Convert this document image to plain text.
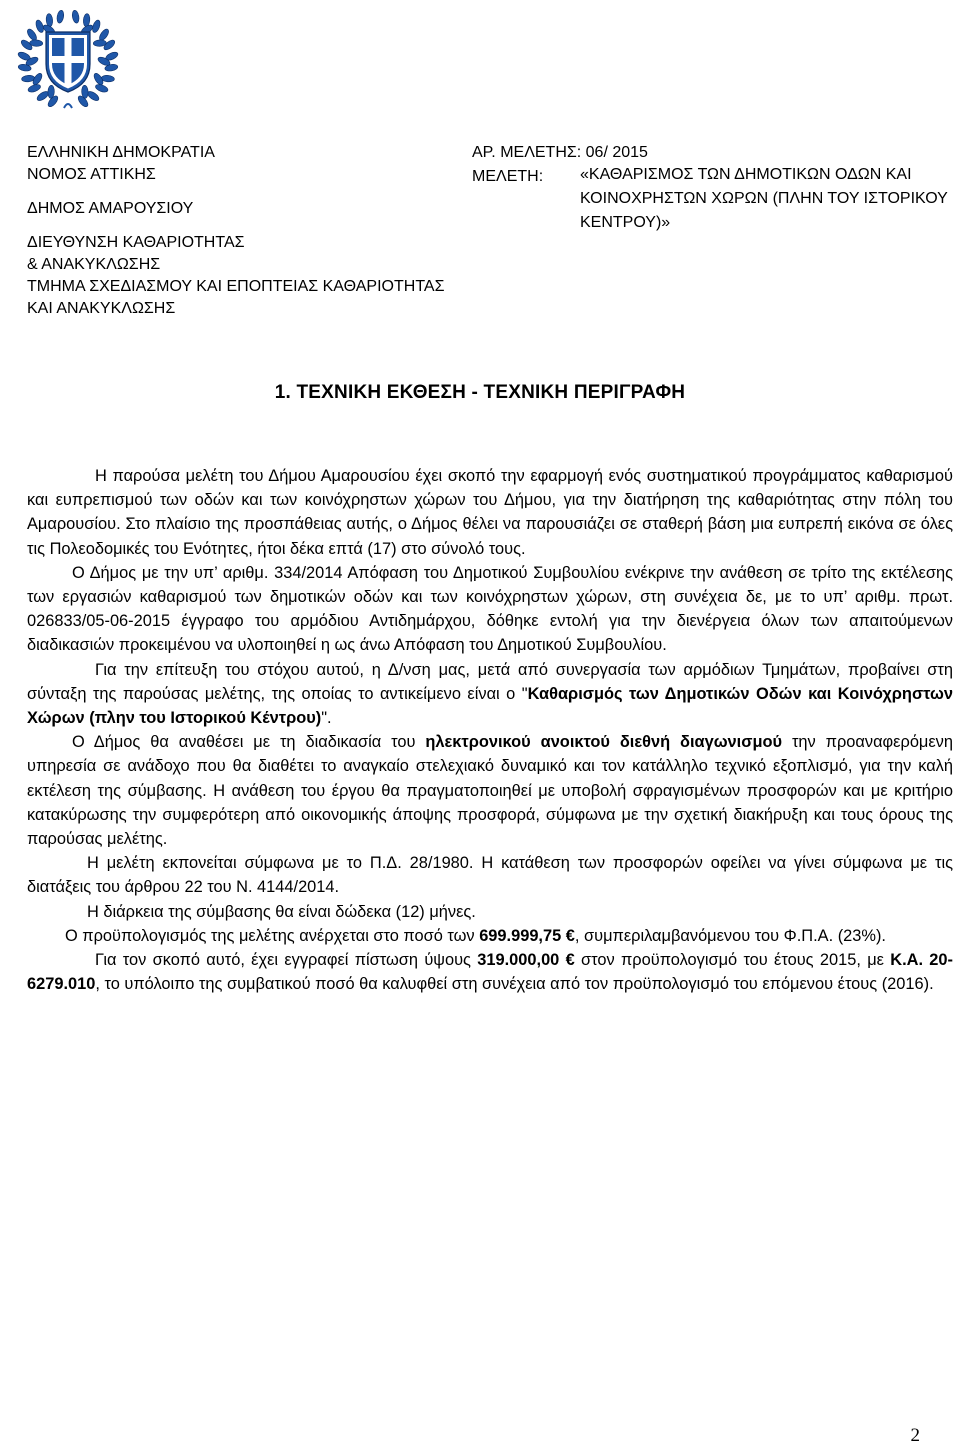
ΕΛΛΗΝΙΚΗ ΔΗΜΟΚΡΑΤΙΑ
ΝΟΜΟΣ ΑΤΤΙΚΗΣ
ΔΗΜΟΣ ΑΜΑΡΟΥΣΙΟΥ
ΔΙΕΥΘΥΝΣΗ ΚΑΘΑΡΙΟΤΗΤΑΣ
& ΑΝΑΚΥΚΛΩΣΗΣ
ΤΜΗΜΑ ΣΧΕΔΙΑΣΜΟΥ ΚΑΙ ΕΠΟΠΤΕΙΑΣ ΚΑΘΑΡΙΟΤΗΤΑΣ
ΚΑΙ ΑΝΑΚΥΚΛΩΣΗΣ
ΑΡ. ΜΕΛΕΤΗΣ: 06/ 2015
ΜΕΛΕΤΗ: «ΚΑΘΑΡΙΣΜΟΣ ΤΩΝ ΔΗΜΟΤΙΚΩΝ ΟΔΩΝ ΚΑΙ
ΚΟΙΝΟΧΡΗΣΤΩΝ ΧΩΡΩΝ (ΠΛΗΝ ΤΟΥ ΙΣΤΟΡΙΚΟΥ
ΚΕΝΤΡΟΥ)»
1. ΤΕΧΝΙΚΗ ΕΚΘΕΣΗ - ΤΕΧΝΙΚΗ ΠΕΡΙΓΡΑΦΗ

Η παρούσα μελέτη του Δήμου Αμαρουσίου έχει σκοπό την εφαρμογή ενός συστηματικού προγράμματος καθαρισμού και ευπρεπισμού των οδών και των κοινόχρηστων χώρων του Δήμου, για την διατήρηση της καθαριότητας στην πόλη του Αμαρουσίου. Στο πλαίσιο της προσπάθειας αυτής, ο Δήμος θέλει να παρουσιάζει σε σταθερή βάση μια ευπρεπή εικόνα σε όλες τις Πολεοδομικές του Ενότητες, ήτοι δέκα επτά (17) στο σύνολό τους.

Ο Δήμος με την υπ’ αριθμ. 334/2014 Απόφαση του Δημοτικού Συμβουλίου ενέκρινε την ανάθεση σε τρίτο της εκτέλεσης των εργασιών καθαρισμού των δημοτικών οδών και των κοινόχρηστων χώρων, στη συνέχεια δε, με το υπ’ αριθμ. πρωτ. 026833/05-06-2015 έγγραφο του αρμόδιου Αντιδημάρχου, δόθηκε εντολή για την διενέργεια όλων των απαιτούμενων διαδικασιών προκειμένου να υλοποιηθεί η ως άνω Απόφαση του Δημοτικού Συμβουλίου.

Για την επίτευξη του στόχου αυτού, η Δ/νση μας, μετά από συνεργασία των αρμόδιων Τμημάτων, προβαίνει στη σύνταξη της παρούσας μελέτης, της οποίας το αντικείμενο είναι ο "Καθαρισμός των Δημοτικών Οδών και Κοινόχρηστων Χώρων (πλην του Ιστορικού Κέντρου)".

Ο Δήμος θα αναθέσει με τη διαδικασία του ηλεκτρονικού ανοικτού διεθνή διαγωνισμού την προαναφερόμενη υπηρεσία σε ανάδοχο που θα διαθέτει το αναγκαίο στελεχιακό δυναμικό και τον κατάλληλο τεχνικό εξοπλισμό, για την καλή εκτέλεση της σύμβασης. Η ανάθεση του έργου θα πραγματοποιηθεί με υποβολή σφραγισμένων προσφορών και με κριτήριο κατακύρωσης την συμφερότερη από οικονομικής άποψης προσφορά, σύμφωνα με την σχετική διακήρυξη και τους όρους της παρούσας μελέτης.

Η μελέτη εκπονείται σύμφωνα με το Π.Δ. 28/1980. Η κατάθεση των προσφορών οφείλει να γίνει σύμφωνα με τις διατάξεις του άρθρου 22 του Ν. 4144/2014.

Η διάρκεια της σύμβασης θα είναι δώδεκα (12) μήνες.

Ο προϋπολογισμός της μελέτης ανέρχεται στο ποσό των 699.999,75 €, συμπεριλαμβανόμενου του Φ.Π.Α. (23%).

Για τον σκοπό αυτό, έχει εγγραφεί πίστωση ύψους 319.000,00 € στον προϋπολογισμό του έτους 2015, με Κ.Α. 20-6279.010, το υπόλοιπο της συμβατικού ποσό θα καλυφθεί στη συνέχεια από τον προϋπολογισμό του επόμενου έτους (2016).

2
